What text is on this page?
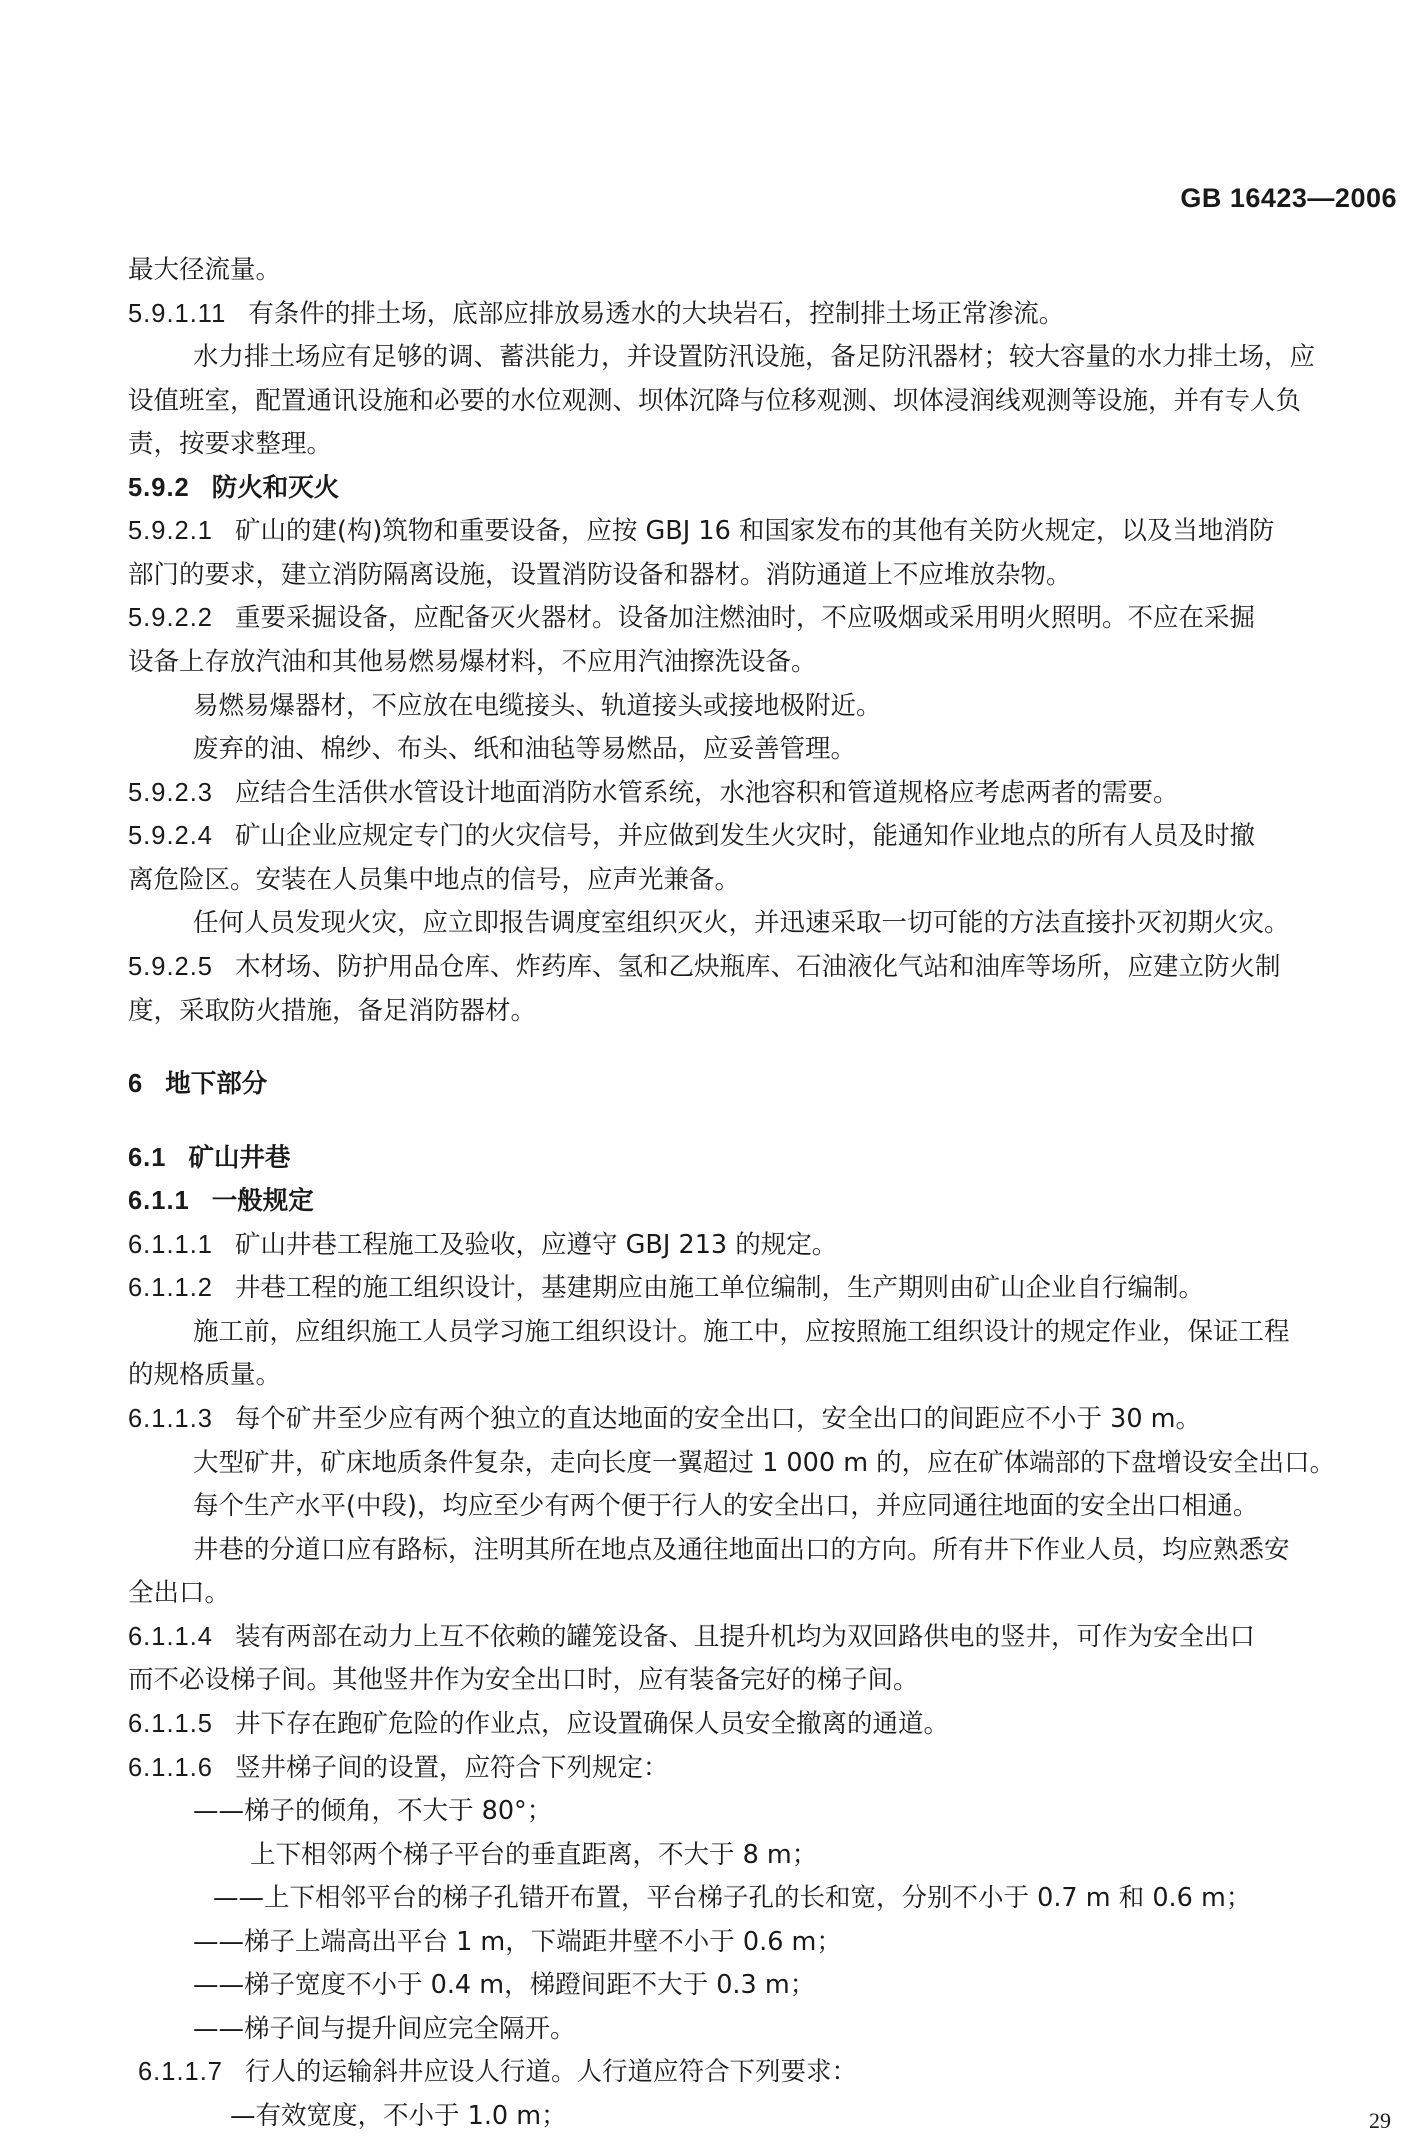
GB 16423—2006
最大径流量。
5.9.1.11 有条件的排土场，底部应排放易透水的大块岩石，控制排土场正常渗流。
水力排土场应有足够的调、蓄洪能力，并设置防汛设施，备足防汛器材；较大容量的水力排土场，应
设值班室，配置通讯设施和必要的水位观测、坝体沉降与位移观测、坝体浸润线观测等设施，并有专人负
责，按要求整理。
5.9.2 防火和灭火
5.9.2.1 矿山的建(构)筑物和重要设备，应按 GBJ 16 和国家发布的其他有关防火规定，以及当地消防
部门的要求，建立消防隔离设施，设置消防设备和器材。消防通道上不应堆放杂物。
5.9.2.2 重要采掘设备，应配备灭火器材。设备加注燃油时，不应吸烟或采用明火照明。不应在采掘
设备上存放汽油和其他易燃易爆材料，不应用汽油擦洗设备。
易燃易爆器材，不应放在电缆接头、轨道接头或接地极附近。
废弃的油、棉纱、布头、纸和油毡等易燃品，应妥善管理。
5.9.2.3 应结合生活供水管设计地面消防水管系统，水池容积和管道规格应考虑两者的需要。
5.9.2.4 矿山企业应规定专门的火灾信号，并应做到发生火灾时，能通知作业地点的所有人员及时撤
离危险区。安装在人员集中地点的信号，应声光兼备。
任何人员发现火灾，应立即报告调度室组织灭火，并迅速采取一切可能的方法直接扑灭初期火灾。
5.9.2.5 木材场、防护用品仓库、炸药库、氢和乙炔瓶库、石油液化气站和油库等场所，应建立防火制
度，采取防火措施，备足消防器材。
6 地下部分
6.1 矿山井巷
6.1.1 一般规定
6.1.1.1 矿山井巷工程施工及验收，应遵守 GBJ 213 的规定。
6.1.1.2 井巷工程的施工组织设计，基建期应由施工单位编制，生产期则由矿山企业自行编制。
施工前，应组织施工人员学习施工组织设计。施工中，应按照施工组织设计的规定作业，保证工程
的规格质量。
6.1.1.3 每个矿井至少应有两个独立的直达地面的安全出口，安全出口的间距应不小于 30 m。
大型矿井，矿床地质条件复杂，走向长度一翼超过 1 000 m 的，应在矿体端部的下盘增设安全出口。
每个生产水平(中段)，均应至少有两个便于行人的安全出口，并应同通往地面的安全出口相通。
井巷的分道口应有路标，注明其所在地点及通往地面出口的方向。所有井下作业人员，均应熟悉安
全出口。
6.1.1.4 装有两部在动力上互不依赖的罐笼设备、且提升机均为双回路供电的竖井，可作为安全出口
而不必设梯子间。其他竖井作为安全出口时，应有装备完好的梯子间。
6.1.1.5 井下存在跑矿危险的作业点，应设置确保人员安全撤离的通道。
6.1.1.6 竖井梯子间的设置，应符合下列规定：
——梯子的倾角，不大于 80°；
上下相邻两个梯子平台的垂直距离，不大于 8 m；
——上下相邻平台的梯子孔错开布置，平台梯子孔的长和宽，分别不小于 0.7 m 和 0.6 m；
——梯子上端高出平台 1 m，下端距井壁不小于 0.6 m；
——梯子宽度不小于 0.4 m，梯蹬间距不大于 0.3 m；
——梯子间与提升间应完全隔开。
6.1.1.7 行人的运输斜井应设人行道。人行道应符合下列要求：
—有效宽度，不小于 1.0 m；	29
